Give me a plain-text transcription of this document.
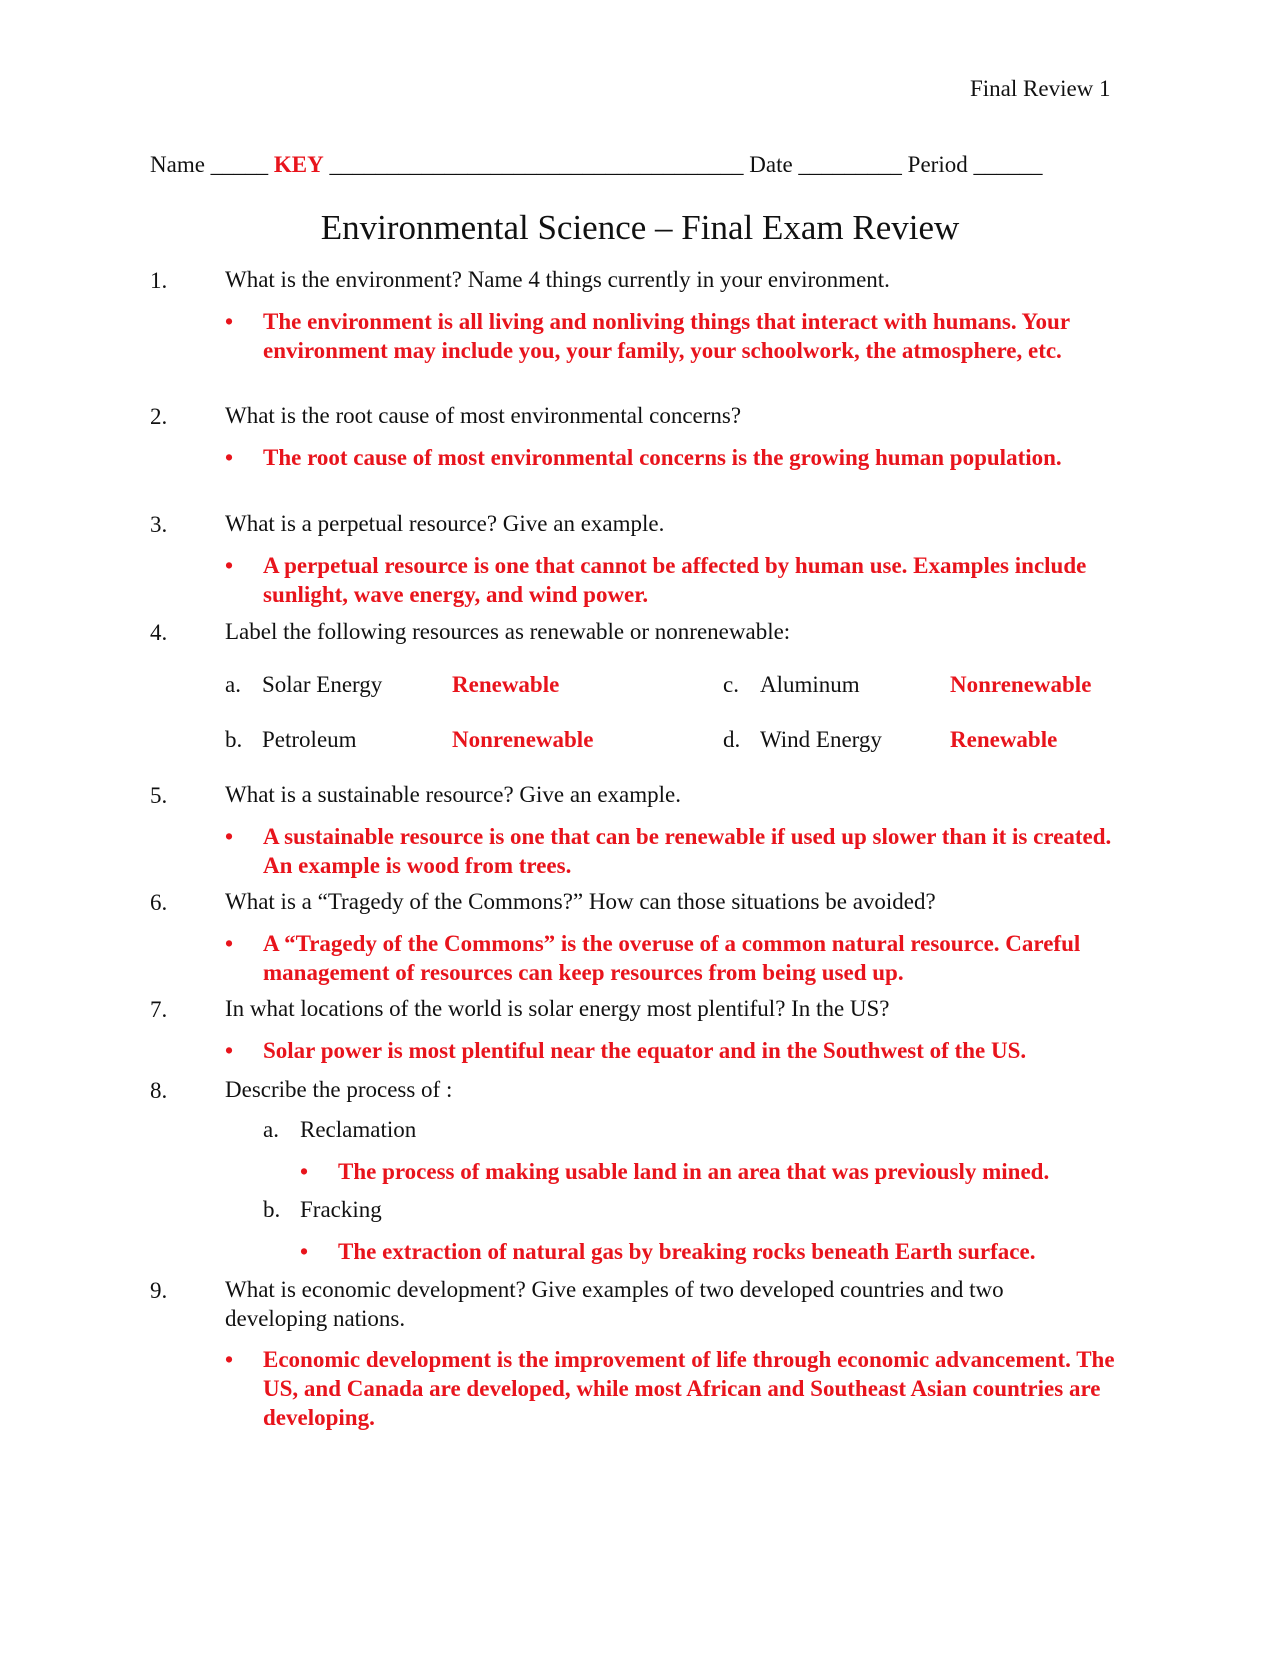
Final Review 1
Name _____ KEY ____________________________________ Date _________ Period ______
Environmental Science – Final Exam Review
1.	What is the environment? Name 4 things currently in your environment.
•	The environment is all living and nonliving things that interact with humans. Your environment may include you, your family, your schoolwork, the atmosphere, etc.
2.	What is the root cause of most environmental concerns?
•	The root cause of most environmental concerns is the growing human population.
3.	What is a perpetual resource? Give an example.
•	A perpetual resource is one that cannot be affected by human use. Examples include sunlight, wave energy, and wind power.
4.	Label the following resources as renewable or nonrenewable:
a. Solar Energy	Renewable
b. Petroleum	Nonrenewable
c. Aluminum	Nonrenewable
d. Wind Energy	Renewable
5.	What is a sustainable resource? Give an example.
•	A sustainable resource is one that can be renewable if used up slower than it is created. An example is wood from trees.
6.	What is a “Tragedy of the Commons?” How can those situations be avoided?
•	A “Tragedy of the Commons” is the overuse of a common natural resource. Careful management of resources can keep resources from being used up.
7.	In what locations of the world is solar energy most plentiful? In the US?
•	Solar power is most plentiful near the equator and in the Southwest of the US.
8.	Describe the process of :
a. Reclamation
•	The process of making usable land in an area that was previously mined.
b. Fracking
•	The extraction of natural gas by breaking rocks beneath Earth surface.
9.	What is economic development? Give examples of two developed countries and two developing nations.
•	Economic development is the improvement of life through economic advancement. The US, and Canada are developed, while most African and Southeast Asian countries are developing.
